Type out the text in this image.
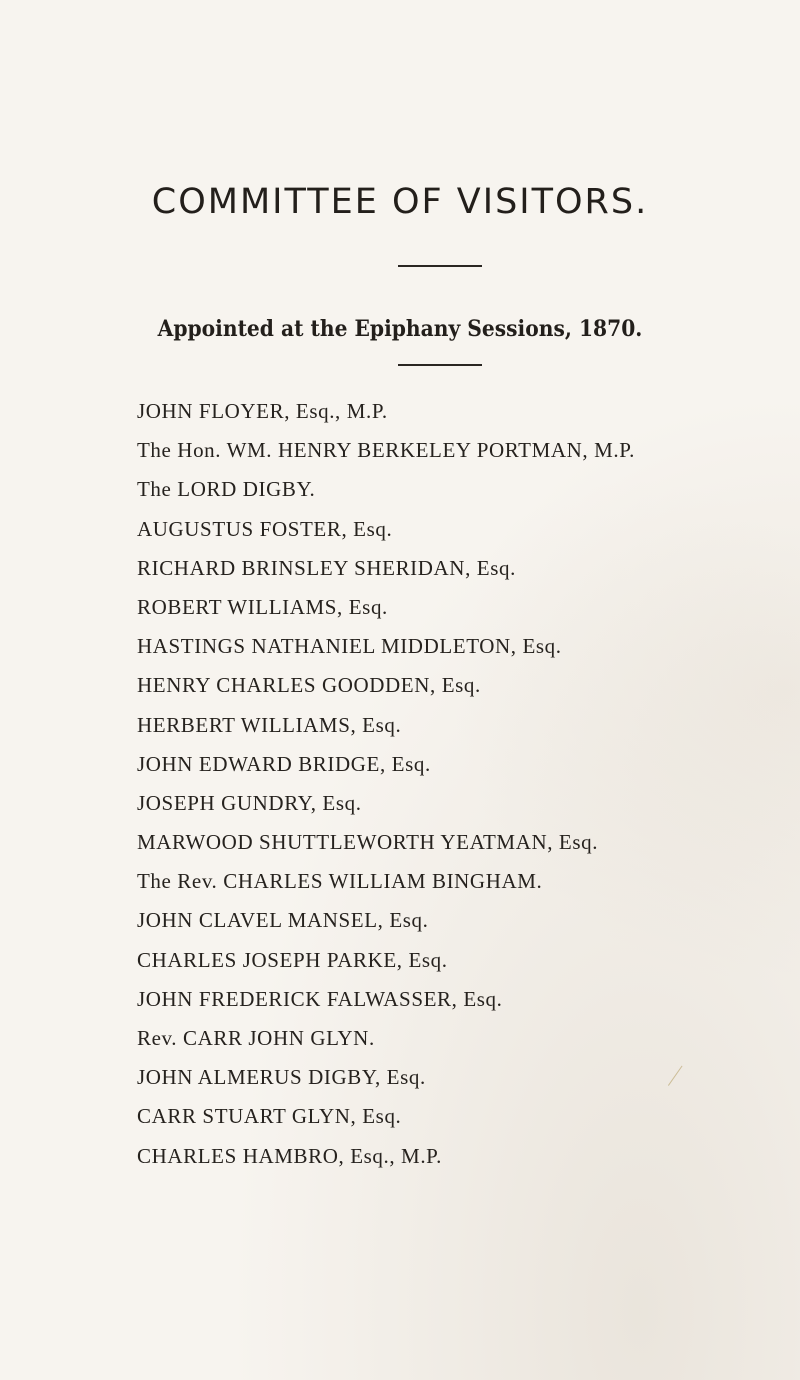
COMMITTEE OF VISITORS.

Appointed at the Epiphany Sessions, 1870.

JOHN FLOYER, Esq., M.P.
The Hon. WM. HENRY BERKELEY PORTMAN, M.P.
The LORD DIGBY.
AUGUSTUS FOSTER, Esq.
RICHARD BRINSLEY SHERIDAN, Esq.
ROBERT WILLIAMS, Esq.
HASTINGS NATHANIEL MIDDLETON, Esq.
HENRY CHARLES GOODDEN, Esq.
HERBERT WILLIAMS, Esq.
JOHN EDWARD BRIDGE, Esq.
JOSEPH GUNDRY, Esq.
MARWOOD SHUTTLEWORTH YEATMAN, Esq.
The Rev. CHARLES WILLIAM BINGHAM.
JOHN CLAVEL MANSEL, Esq.
CHARLES JOSEPH PARKE, Esq.
JOHN FREDERICK FALWASSER, Esq.
Rev. CARR JOHN GLYN.
JOHN ALMERUS DIGBY, Esq.
CARR STUART GLYN, Esq.
CHARLES HAMBRO, Esq., M.P.
